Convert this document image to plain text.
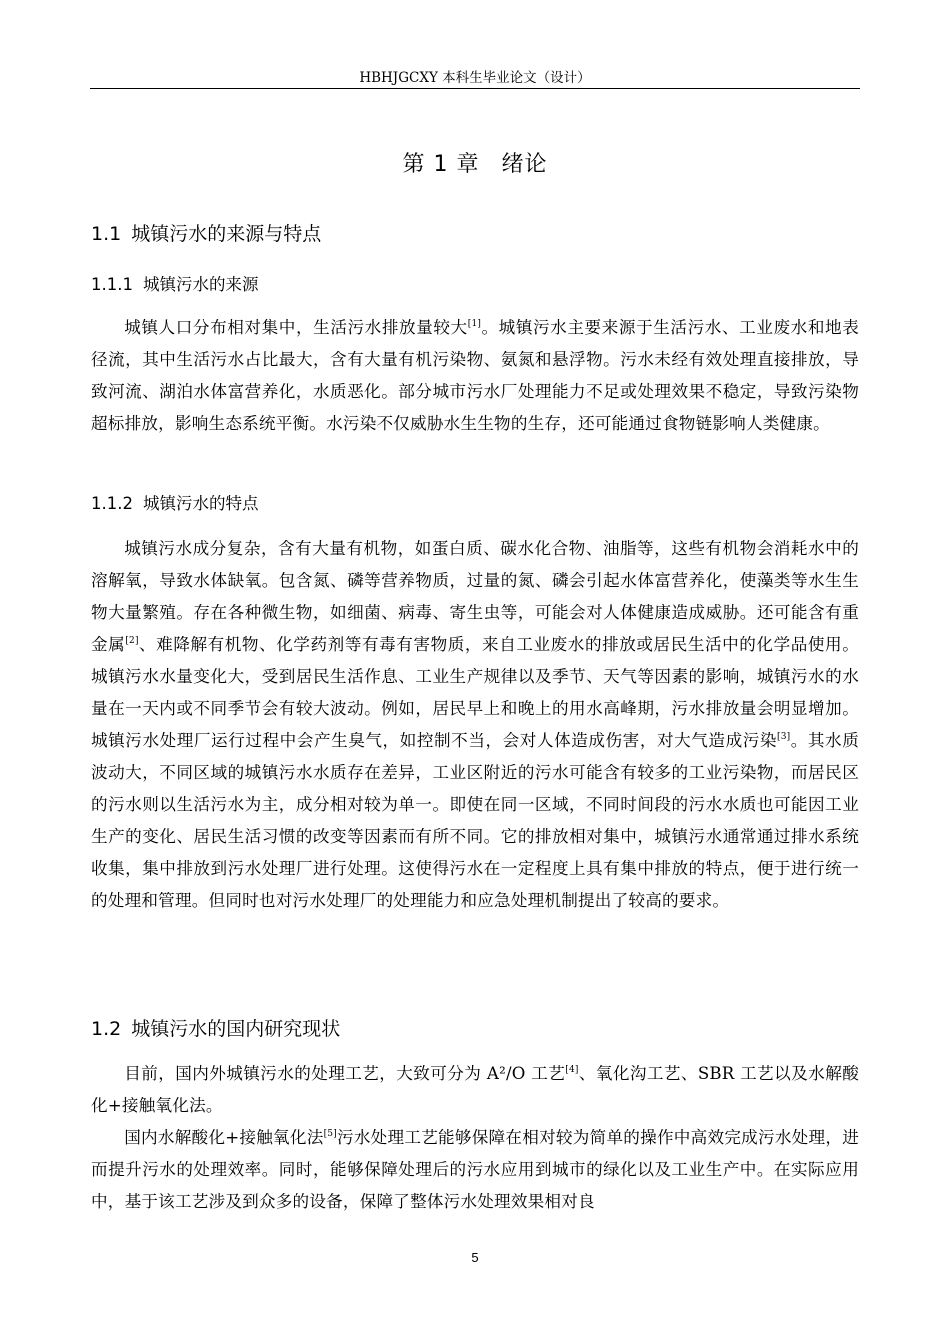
HBHJGCXY 本科生毕业论文（设计）
第 1 章 绪论
1.1 城镇污水的来源与特点
1.1.1 城镇污水的来源
城镇人口分布相对集中，生活污水排放量较大[1]。城镇污水主要来源于生活污水、工业废水和地表径流，其中生活污水占比最大，含有大量有机污染物、氨氮和悬浮物。污水未经有效处理直接排放，导致河流、湖泊水体富营养化，水质恶化。部分城市污水厂处理能力不足或处理效果不稳定，导致污染物超标排放，影响生态系统平衡。水污染不仅威胁水生生物的生存，还可能通过食物链影响人类健康。
1.1.2 城镇污水的特点
城镇污水成分复杂，含有大量有机物，如蛋白质、碳水化合物、油脂等，这些有机物会消耗水中的溶解氧，导致水体缺氧。包含氮、磷等营养物质，过量的氮、磷会引起水体富营养化，使藻类等水生生物大量繁殖。存在各种微生物，如细菌、病毒、寄生虫等，可能会对人体健康造成威胁。还可能含有重金属[2]、难降解有机物、化学药剂等有毒有害物质，来自工业废水的排放或居民生活中的化学品使用。城镇污水水量变化大，受到居民生活作息、工业生产规律以及季节、天气等因素的影响，城镇污水的水量在一天内或不同季节会有较大波动。例如，居民早上和晚上的用水高峰期，污水排放量会明显增加。城镇污水处理厂运行过程中会产生臭气，如控制不当，会对人体造成伤害，对大气造成污染[3]。其水质波动大，不同区域的城镇污水水质存在差异，工业区附近的污水可能含有较多的工业污染物，而居民区的污水则以生活污水为主，成分相对较为单一。即使在同一区域，不同时间段的污水水质也可能因工业生产的变化、居民生活习惯的改变等因素而有所不同。它的排放相对集中，城镇污水通常通过排水系统收集，集中排放到污水处理厂进行处理。这使得污水在一定程度上具有集中排放的特点，便于进行统一的处理和管理。但同时也对污水处理厂的处理能力和应急处理机制提出了较高的要求。
1.2 城镇污水的国内研究现状
目前，国内外城镇污水的处理工艺，大致可分为 A²/O 工艺[4]、氧化沟工艺、SBR 工艺以及水解酸化+接触氧化法。
国内水解酸化+接触氧化法[5]污水处理工艺能够保障在相对较为简单的操作中高效完成污水处理，进而提升污水的处理效率。同时，能够保障处理后的污水应用到城市的绿化以及工业生产中。在实际应用中，基于该工艺涉及到众多的设备，保障了整体污水处理效果相对良
5
